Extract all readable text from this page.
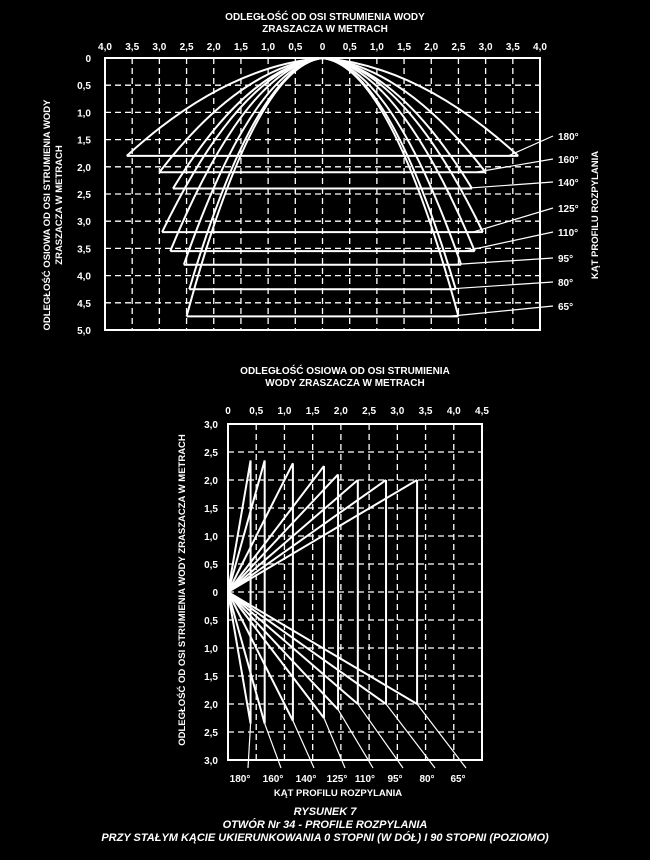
ODLEGŁOŚĆ OD OSI STRUMIENIA WODY
ZRASZACZA W METRACH
ODLEGŁOŚĆ OSIOWA OD OSI STRUMIENIA WODY ZRASZACZA W METRACH	KĄT PROFILU ROZPYLANIA
4,0 3,5 3,0 2,5 2,0 1,5 1,0 0,5 0 0,5 1,0 1,5 2,0 2,5 3,0 3,5 4,0
0
0,5
1,0
1,5
2,0
2,5
3,0
3,5
4,0
4,5
5,0
180°
160°
140°
125°
110°
95°
80°
65°
ODLEGŁOŚĆ OSIOWA OD OSI STRUMIENIA
WODY ZRASZACZA W METRACH
ODLEGŁOŚĆ OD OSI STRUMIENIA WODY ZRASZACZA W METRACH
KĄT PROFILU ROZPYLANIA
0 0,5 1,0 1,5 2,0 2,5 3,0 3,5 4,0 4,5
3,0
2,5
2,0
1,5
1,0
0,5
0
0,5
1,0
1,5
2,0
2,5
3,0
180° 160° 140° 125° 110° 95° 80° 65°
RYSUNEK 7
OTWÓR Nr 34 - PROFILE ROZPYLANIA
PRZY STAŁYM KĄCIE UKIERUNKOWANIA 0 STOPNI (W DÓŁ) I 90 STOPNI (POZIOMO)
